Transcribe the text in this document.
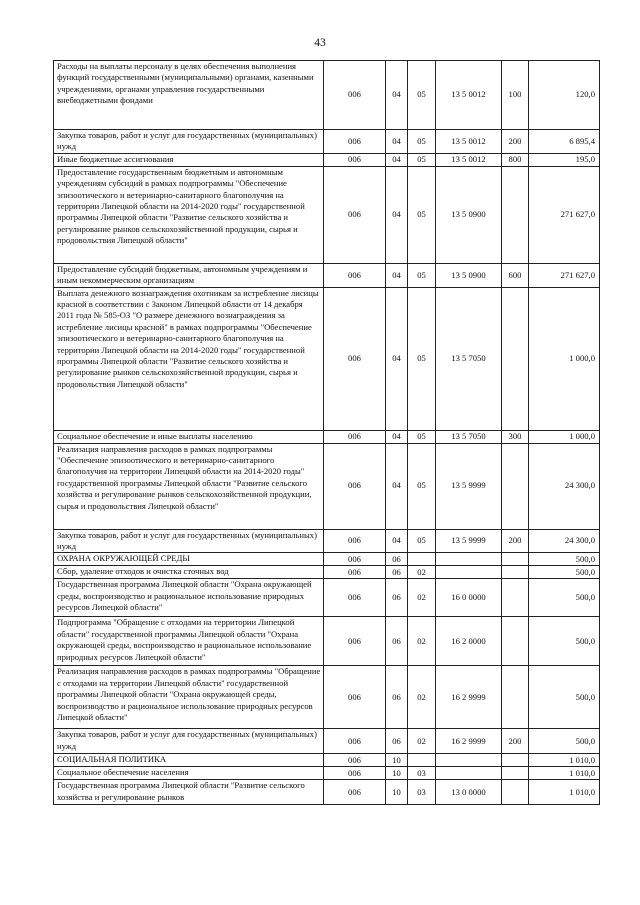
43
Расходы на выплаты персоналу в целях обеспечения выполнения функций государственными (муниципальными) органами, казенными учреждениями, органами управления государственными внебюджетными фондами	006	04	05	13 5 0012	100	120,0
Закупка товаров, работ и услуг для государственных (муниципальных) нужд	006	04	05	13 5 0012	200	6 895,4
Иные бюджетные ассигнования	006	04	05	13 5 0012	800	195,0
Предоставление государственным бюджетным и автономным учреждениям субсидий в рамках подпрограммы "Обеспечение эпизоотического и ветеринарно-санитарного благополучия на территории Липецкой области на 2014-2020 годы" государственной программы Липецкой области "Развитие сельского хозяйства и регулирование рынков сельскохозяйственной продукции, сырья и продовольствия Липецкой области"	006	04	05	13 5 0900		271 627,0
Предоставление субсидий бюджетным, автономным учреждениям и иным некоммерческим организациям	006	04	05	13 5 0900	600	271 627,0
Выплата денежного вознаграждения охотникам за истребление лисицы красной в соответствии с Законом Липецкой области от 14 декабря 2011 года № 585-ОЗ "О размере денежного вознаграждения за истребление лисицы красной" в рамках подпрограммы "Обеспечение эпизоотического и ветеринарно-санитарного благополучия на территории Липецкой области на 2014-2020 годы" государственной программы Липецкой области "Развитие сельского хозяйства и регулирование рынков сельскохозяйственной продукции, сырья и продовольствия Липецкой области"	006	04	05	13 5 7050		1 000,0
Социальное обеспечение и иные выплаты населению	006	04	05	13 5 7050	300	1 000,0
Реализация направления расходов в рамках подпрограммы "Обеспечение эпизоотического и ветеринарно-санитарного благополучия на территории Липецкой области на 2014-2020 годы" государственной программы Липецкой области "Развитие сельского хозяйства и регулирование рынков сельскохозяйственной продукции, сырья и продовольствия Липецкой области"	006	04	05	13 5 9999		24 300,0
Закупка товаров, работ и услуг для государственных (муниципальных) нужд	006	04	05	13 5 9999	200	24 300,0
ОХРАНА ОКРУЖАЮЩЕЙ СРЕДЫ	006	06				500,0
Сбор, удаление отходов и очистка сточных вод	006	06	02			500,0
Государственная программа Липецкой области "Охрана окружающей среды, воспроизводство и рациональное использование природных ресурсов Липецкой области"	006	06	02	16 0 0000		500,0
Подпрограмма "Обращение с отходами на территории Липецкой области" государственной программы Липецкой области "Охрана окружающей среды, воспроизводство и рациональное использование природных ресурсов Липецкой области"	006	06	02	16 2 0000		500,0
Реализация направления расходов в рамках подпрограммы "Обращение с отходами на территории Липецкой области" государственной программы Липецкой области "Охрана окружающей среды, воспроизводство и рациональное использование природных ресурсов Липецкой области"	006	06	02	16 2 9999		500,0
Закупка товаров, работ и услуг для государственных (муниципальных) нужд	006	06	02	16 2 9999	200	500,0
СОЦИАЛЬНАЯ ПОЛИТИКА	006	10				1 010,0
Социальное обеспечение населения	006	10	03			1 010,0
Государственная программа Липецкой области "Развитие сельского хозяйства и регулирование рынков	006	10	03	13 0 0000		1 010,0
